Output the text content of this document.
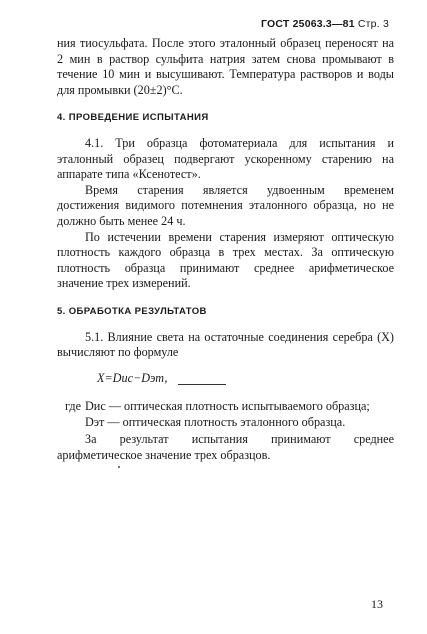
ГОСТ 25063.3—81 Стр. 3

ния тиосульфата. После этого эталонный образец переносят на 2 мин в раствор сульфита натрия затем снова промывают в течение 10 мин и высушивают. Температура растворов и воды для промывки (20±2)°C.

4. ПРОВЕДЕНИЕ ИСПЫТАНИЯ

4.1. Три образца фотоматериала для испытания и эталонный образец подвергают ускоренному старению на аппарате типа «Ксенотест».

Время старения является удвоенным временем достижения видимого потемнения эталонного образца, но не должно быть менее 24 ч.

По истечении времени старения измеряют оптическую плотность каждого образца в трех местах. За оптическую плотность образца принимают среднее арифметическое значение трех измерений.

5. ОБРАБОТКА РЕЗУЛЬТАТОВ

5.1. Влияние света на остаточные соединения серебра (X) вычисляют по формуле

X=Dис−Dэт,

где Dис — оптическая плотность испытываемого образца;
Dэт — оптическая плотность эталонного образца.

За результат испытания принимают среднее арифметическое значение трех образцов.

13
